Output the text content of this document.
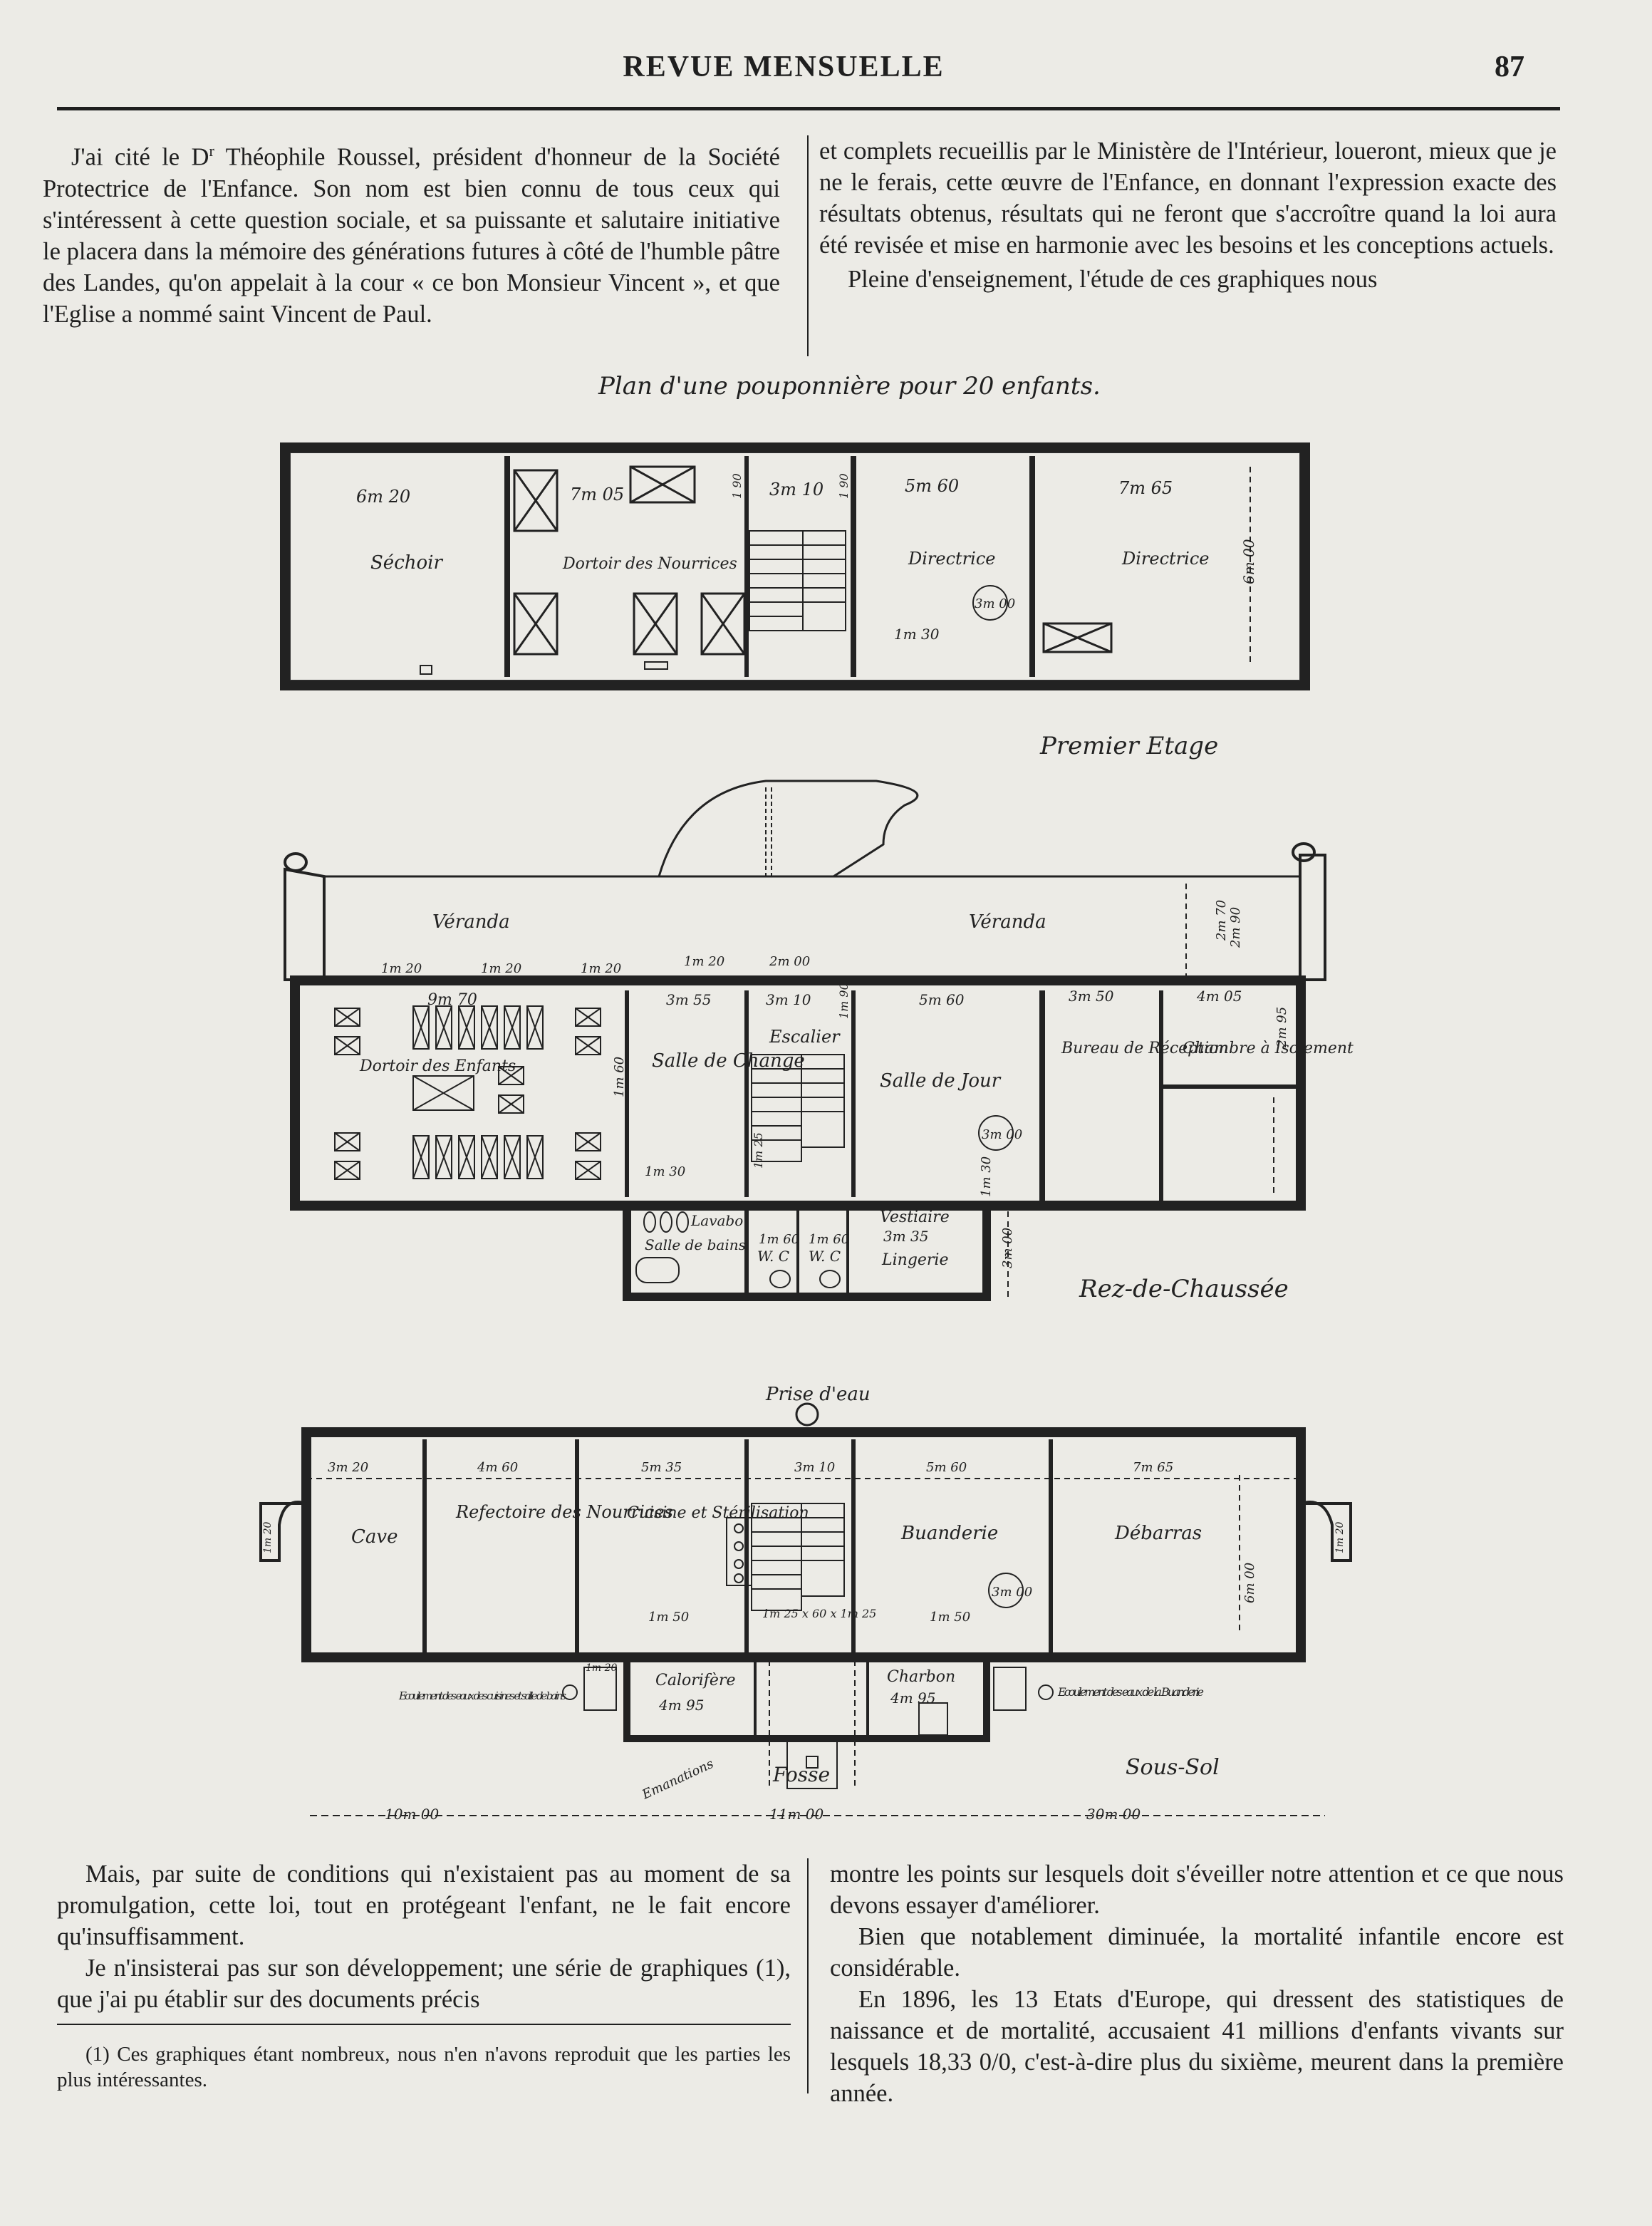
REVUE MENSUELLE	87

J'ai cité le $D^r$ Théophile Roussel, président d'honneur de la Société Protectrice de l'Enfance. Son nom est bien connu de tous ceux qui s'intéressent à cette question sociale, et sa puissante et salutaire initiative le placera dans la mémoire des générations futures à côté de l'humble pâtre des Landes, qu'on appelait à la cour « ce bon Monsieur Vincent », et que l'Eglise a nommé saint Vincent de Paul.

et complets recueillis par le Ministère de l'Intérieur, loueront, mieux que je ne le ferais, cette œuvre de l'Enfance, en donnant l'expression exacte des résultats obtenus, résultats qui ne feront que s'accroître quand la loi aura été revisée et mise en harmonie avec les besoins et les conceptions actuels.

Pleine d'enseignement, l'étude de ces graphiques nous

Plan d'une pouponnière pour 20 enfants.
6m 20	7m 05	3m 10	5m 60	7m 65
3m 00
1m 30
6m 00
1 90	1 90
Séchoir	Dortoir des Nourrices	Directrice	Directrice
Premier Etage
Véranda	Véranda
Dortoir des Enfants	Salle de Change
Escalier
Salle de Jour
Bureau de Réception
Chambre à Isolement
Lavabo
Salle de bains
W. C W. C
Vestiaire
Lingerie
1m 20	1m 20	1m 20
9m 70
1m 20	2m 00
3m 55	3m 10	5m 60	3m 50	4m 05
3m 00
2m 70 2m 90
2m 95
1m 90
1m 30	1m 30
1m 60 1m 60 3m 35	3m 00
1m 60
1m 25
Rez-de-Chaussée
Prise d'eau
Cave
Refectoire des Nourrices
Cuisine et Stérilisation
Buanderie	Débarras
Calorifère	Charbon
Fosse
3m 20	4m 60	5m 35	3m 10	5m 60	7m 65
1m 50	1m 50
4m 95	4m 95
1m 25 x 60 x 1m 25
3m 00	6m 00
1m 20	1m 20
1m 20
Ecoulement des eaux des cuisines et salle de bains	Ecoulement des eaux de la Buanderie
Emanations
10m 00	11m 00	30m 00
Sous-Sol

Mais, par suite de conditions qui n'existaient pas au moment de sa promulgation, cette loi, tout en protégeant l'enfant, ne le fait encore qu'insuffisamment.

Je n'insisterai pas sur son développement; une série de graphiques (1), que j'ai pu établir sur des documents précis

(1) Ces graphiques étant nombreux, nous n'en n'avons reproduit que les parties les plus intéressantes.

montre les points sur lesquels doit s'éveiller notre attention et ce que nous devons essayer d'améliorer.

Bien que notablement diminuée, la mortalité infantile encore est considérable.

En 1896, les 13 Etats d'Europe, qui dressent des statistiques de naissance et de mortalité, accusaient 41 millions d'enfants vivants sur lesquels 18,33 0/0, c'est-à-dire plus du sixième, meurent dans la première année.
